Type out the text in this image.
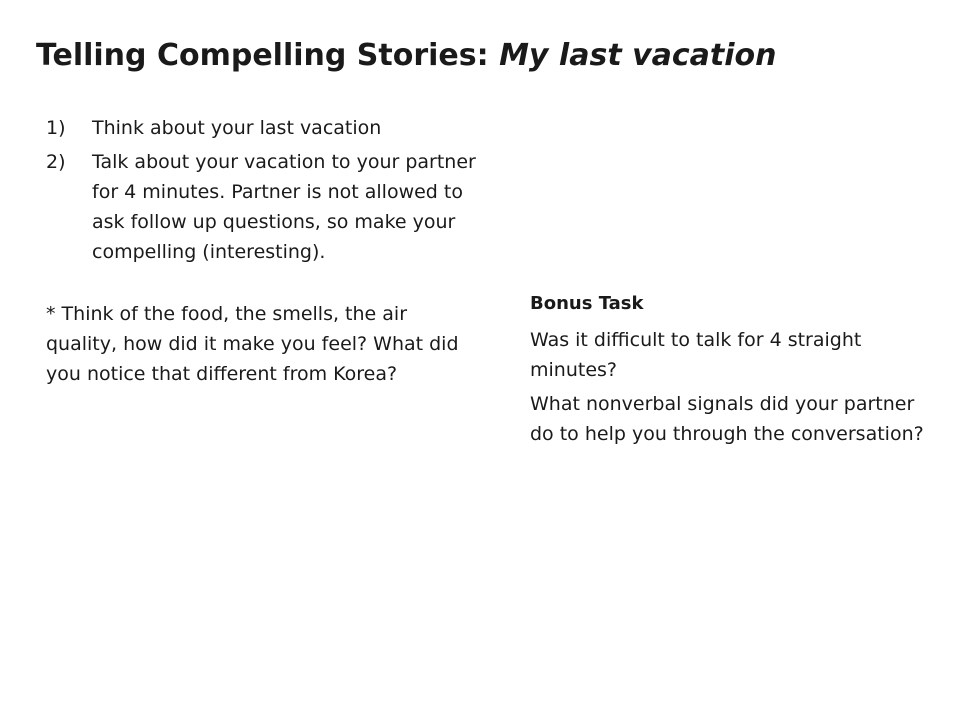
Telling Compelling Stories: My last vacation
1)	Think about your last vacation
2)	Talk about your vacation to your partner for 4 minutes. Partner is not allowed to ask follow up questions, so make your compelling (interesting).

* Think of the food, the smells, the air quality, how did it make you feel? What did you notice that different from Korea?

Bonus Task

Was it difficult to talk for 4 straight minutes?

What nonverbal signals did your partner do to help you through the conversation?
